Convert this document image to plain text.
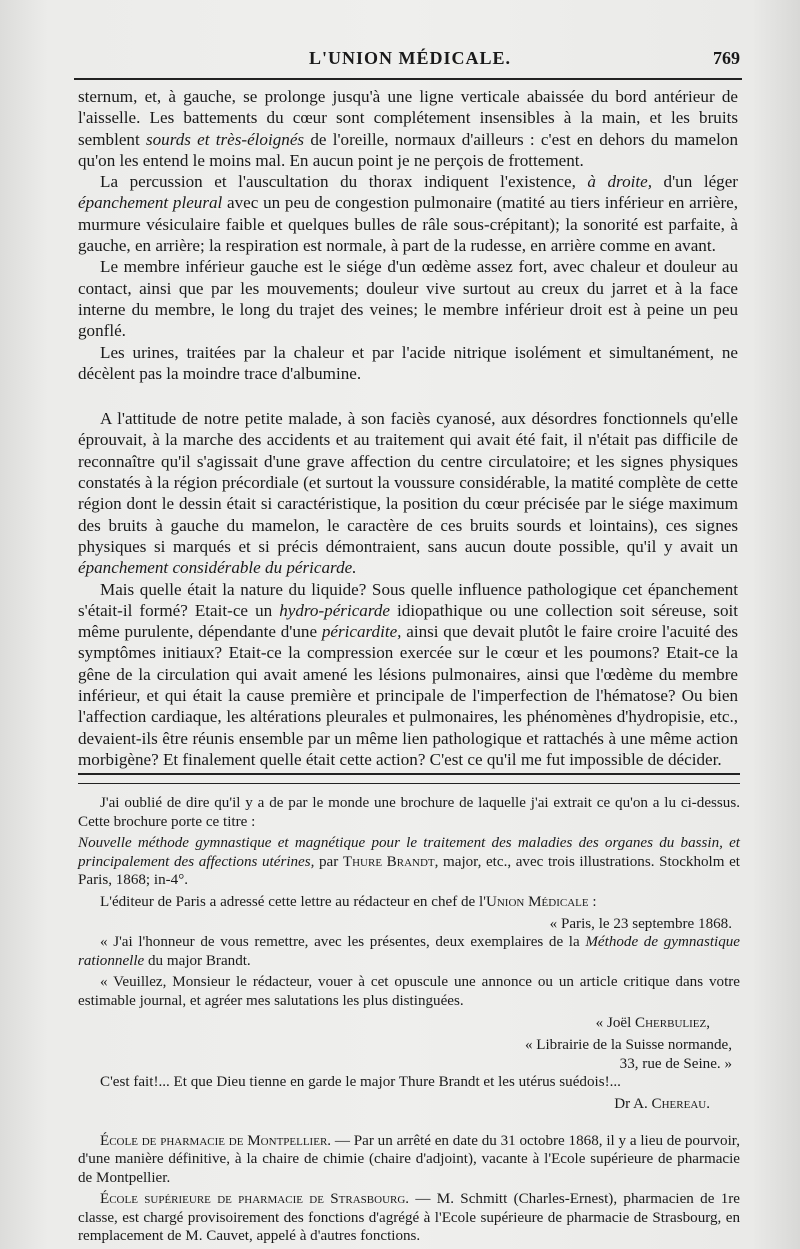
L'UNION MÉDICALE.	769

sternum, et, à gauche, se prolonge jusqu'à une ligne verticale abaissée du bord antérieur de l'aisselle. Les battements du cœur sont complétement insensibles à la main, et les bruits semblent sourds et très-éloignés de l'oreille, normaux d'ailleurs : c'est en dehors du mamelon qu'on les entend le moins mal. En aucun point je ne perçois de frottement.

La percussion et l'auscultation du thorax indiquent l'existence, à droite, d'un léger épanchement pleural avec un peu de congestion pulmonaire (matité au tiers inférieur en arrière, murmure vésiculaire faible et quelques bulles de râle sous-crépitant); la sonorité est parfaite, à gauche, en arrière; la respiration est normale, à part de la rudesse, en arrière comme en avant.

Le membre inférieur gauche est le siége d'un œdème assez fort, avec chaleur et douleur au contact, ainsi que par les mouvements; douleur vive surtout au creux du jarret et à la face interne du membre, le long du trajet des veines; le membre inférieur droit est à peine un peu gonflé.

Les urines, traitées par la chaleur et par l'acide nitrique isolément et simultanément, ne décèlent pas la moindre trace d'albumine.

A l'attitude de notre petite malade, à son faciès cyanosé, aux désordres fonctionnels qu'elle éprouvait, à la marche des accidents et au traitement qui avait été fait, il n'était pas difficile de reconnaître qu'il s'agissait d'une grave affection du centre circulatoire; et les signes physiques constatés à la région précordiale (et surtout la voussure considérable, la matité complète de cette région dont le dessin était si caractéristique, la position du cœur précisée par le siége maximum des bruits à gauche du mamelon, le caractère de ces bruits sourds et lointains), ces signes physiques si marqués et si précis démontraient, sans aucun doute possible, qu'il y avait un épanchement considérable du péricarde.

Mais quelle était la nature du liquide? Sous quelle influence pathologique cet épanchement s'était-il formé? Etait-ce un hydro-péricarde idiopathique ou une collection soit séreuse, soit même purulente, dépendante d'une péricardite, ainsi que devait plutôt le faire croire l'acuité des symptômes initiaux? Etait-ce la compression exercée sur le cœur et les poumons? Etait-ce la gêne de la circulation qui avait amené les lésions pulmonaires, ainsi que l'œdème du membre inférieur, et qui était la cause première et principale de l'imperfection de l'hématose? Ou bien l'affection cardiaque, les altérations pleurales et pulmonaires, les phénomènes d'hydropisie, etc., devaient-ils être réunis ensemble par un même lien pathologique et rattachés à une même action morbigène? Et finalement quelle était cette action? C'est ce qu'il me fut impossible de décider.

J'ai oublié de dire qu'il y a de par le monde une brochure de laquelle j'ai extrait ce qu'on a lu ci-dessus. Cette brochure porte ce titre :

Nouvelle méthode gymnastique et magnétique pour le traitement des maladies des organes du bassin, et principalement des affections utérines, par Thure Brandt, major, etc., avec trois illustrations. Stockholm et Paris, 1868; in-4°.

L'éditeur de Paris a adressé cette lettre au rédacteur en chef de l'Union Médicale :

« Paris, le 23 septembre 1868.

« J'ai l'honneur de vous remettre, avec les présentes, deux exemplaires de la Méthode de gymnastique rationnelle du major Brandt.

« Veuillez, Monsieur le rédacteur, vouer à cet opuscule une annonce ou un article critique dans votre estimable journal, et agréer mes salutations les plus distinguées.

« Joël Cherbuliez,

« Librairie de la Suisse normande,

33, rue de Seine. »

C'est fait!... Et que Dieu tienne en garde le major Thure Brandt et les utérus suédois!...

Dr A. Chereau.

École de pharmacie de Montpellier. — Par un arrêté en date du 31 octobre 1868, il y a lieu de pourvoir, d'une manière définitive, à la chaire de chimie (chaire d'adjoint), vacante à l'Ecole supérieure de pharmacie de Montpellier.

École supérieure de pharmacie de Strasbourg. — M. Schmitt (Charles-Ernest), pharmacien de 1re classe, est chargé provisoirement des fonctions d'agrégé à l'Ecole supérieure de pharmacie de Strasbourg, en remplacement de M. Cauvet, appelé à d'autres fonctions.
